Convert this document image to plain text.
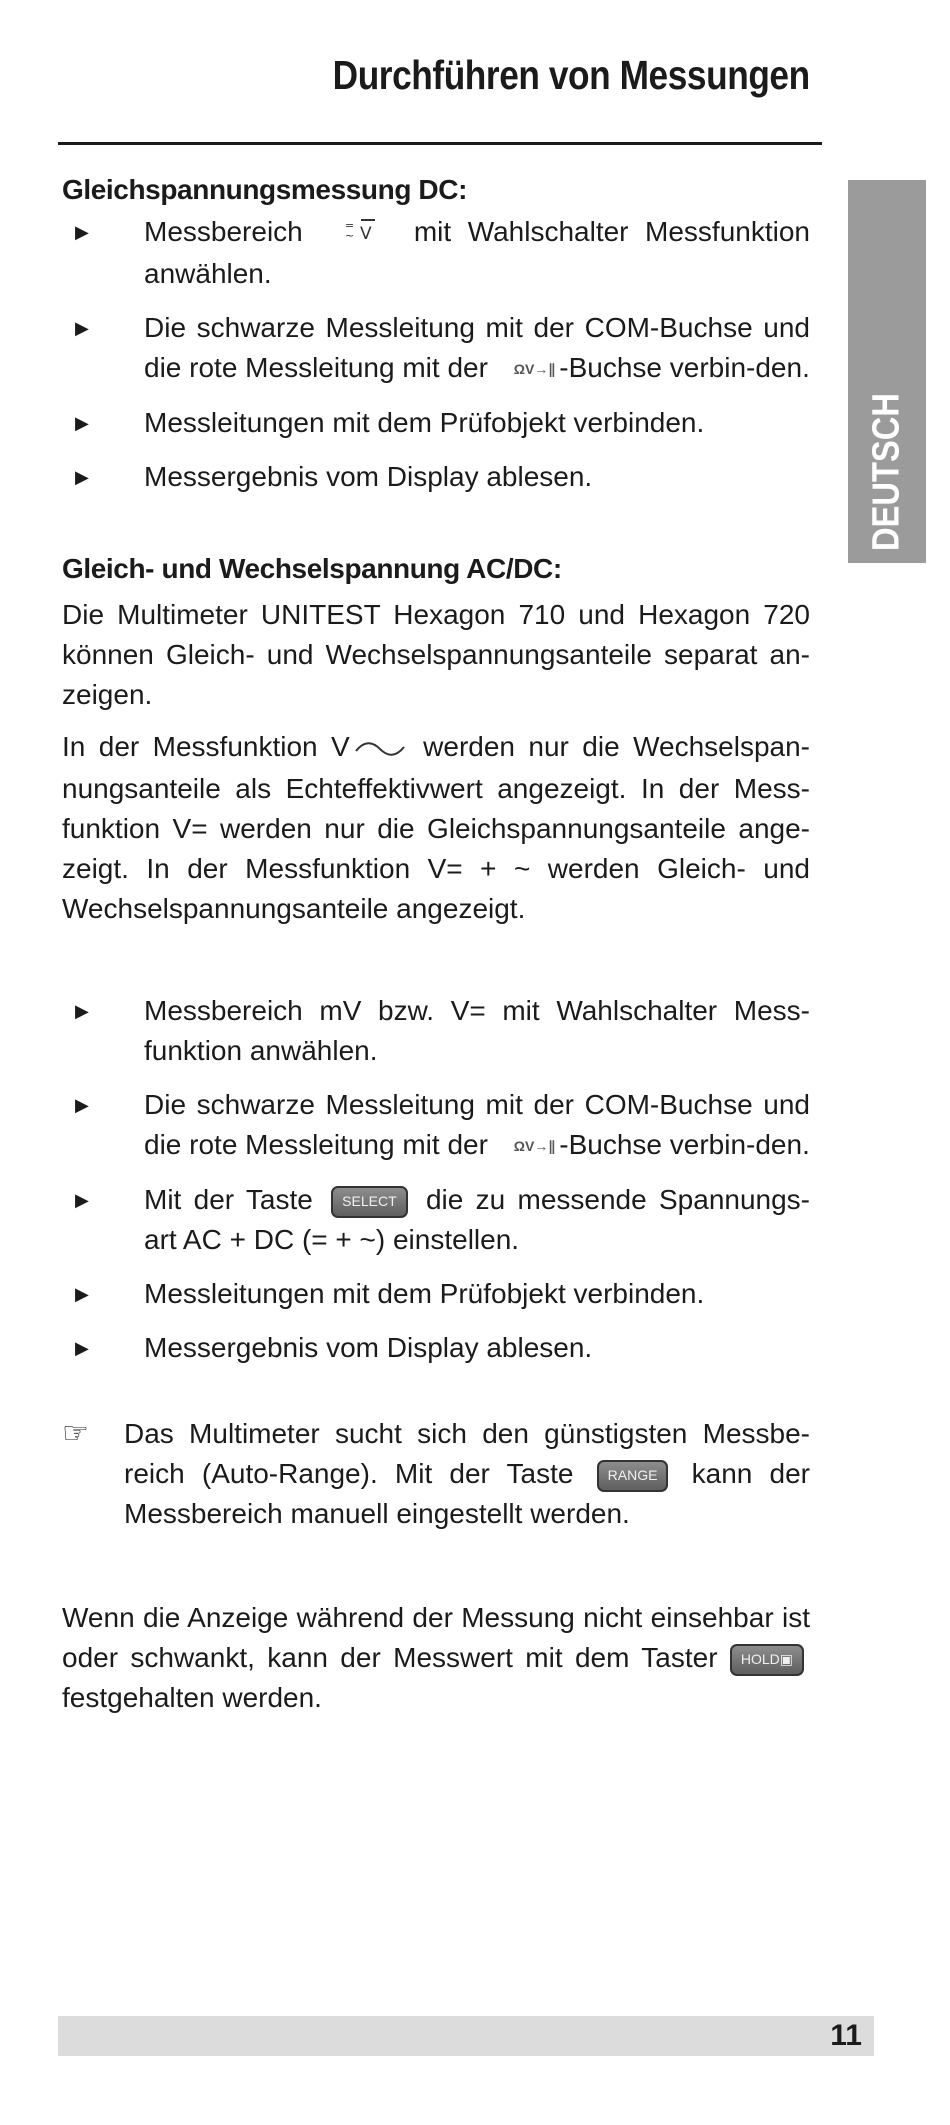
Durchführen von Messungen
DEUTSCH
Gleichspannungsmessung DC:
▶ Messbereich	=
~ V mit Wahlschalter Messfunktion anwählen.
▶ Die schwarze Messleitung mit der COM-Buchse und die rote Messleitung mit der ΩV→∥ -Buchse verbin-den.
▶ Messleitungen mit dem Prüfobjekt verbinden.
▶ Messergebnis vom Display ablesen.
Gleich- und Wechselspannung AC/DC:

Die Multimeter UNITEST Hexagon 710 und Hexagon 720 können Gleich- und Wechselspannungsanteile separat an-zeigen.

In der Messfunktion V werden nur die Wechselspan-nungsanteile als Echteffektivwert angezeigt. In der Mess-funktion V= werden nur die Gleichspannungsanteile ange-zeigt. In der Messfunktion V= + ~ werden Gleich- und Wechselspannungsanteile angezeigt.

▶ Messbereich mV bzw. V= mit Wahlschalter Mess-funktion anwählen.
▶ Die schwarze Messleitung mit der COM-Buchse und die rote Messleitung mit der ΩV→∥ -Buchse verbin-den.
▶ Mit der Taste SELECT die zu messende Spannungs-art AC + DC (= + ~) einstellen.
▶ Messleitungen mit dem Prüfobjekt verbinden.
▶ Messergebnis vom Display ablesen.

☞ Das Multimeter sucht sich den günstigsten Messbe-reich (Auto-Range). Mit der Taste RANGE kann der Messbereich manuell eingestellt werden.

Wenn die Anzeige während der Messung nicht einsehbar ist oder schwankt, kann der Messwert mit dem Taster HOLD▣ festgehalten werden.

11
